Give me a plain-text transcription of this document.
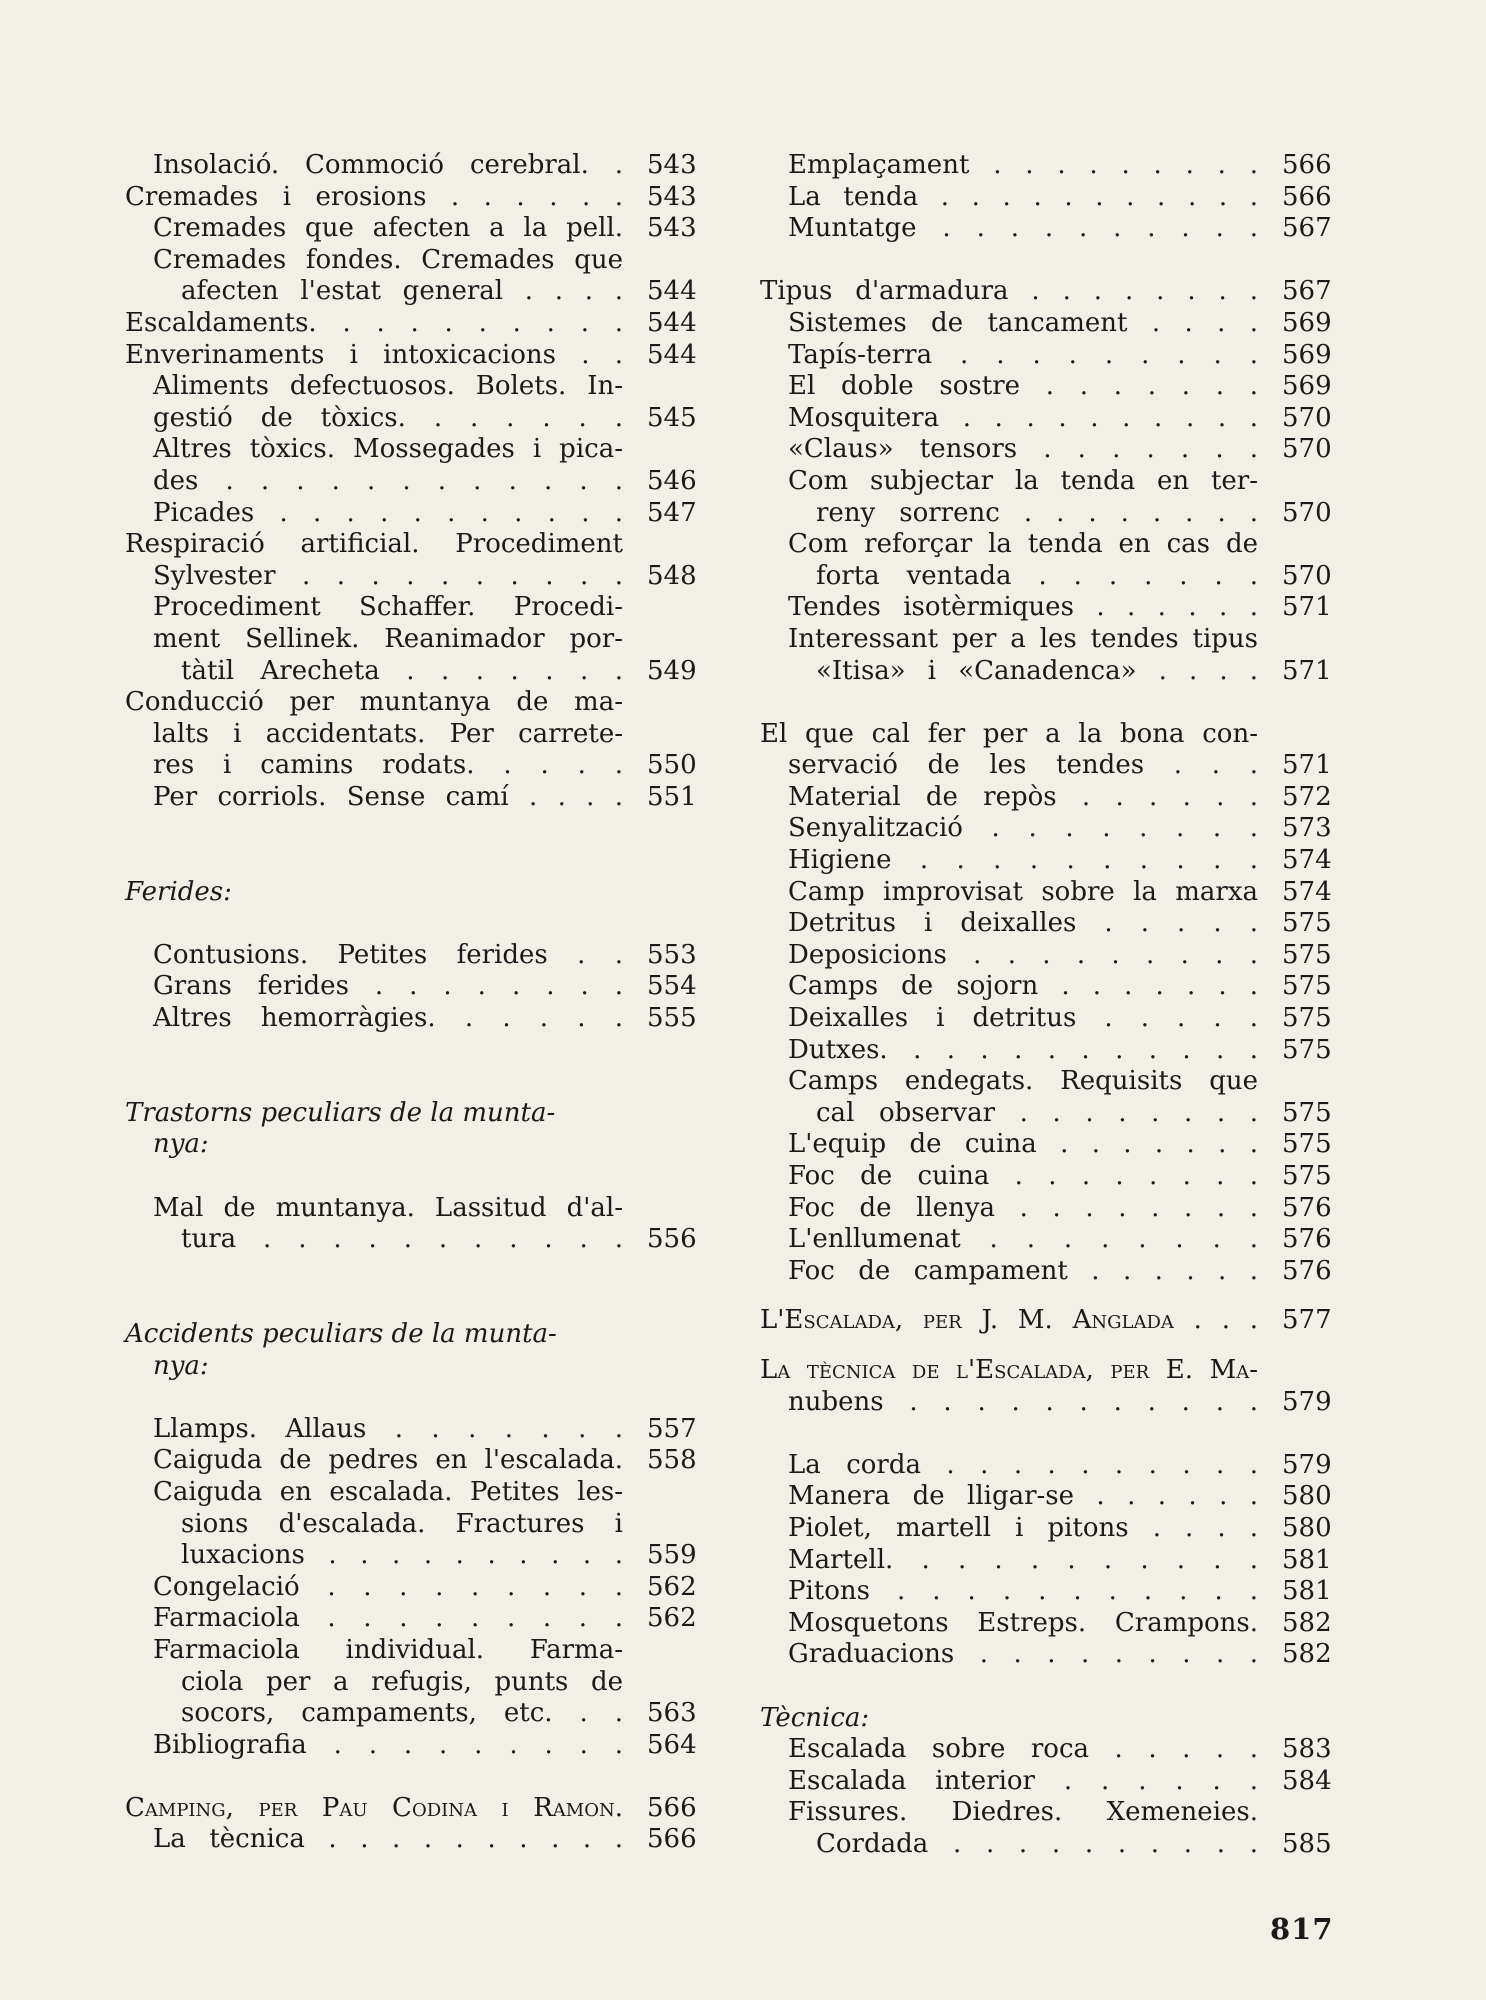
543
Insolació. Commoció cerebral. .
543
Cremades i erosions . . . . . .
543
Cremades que afecten a la pell.
Cremades fondes. Cremades que
544
afecten l'estat general . . . .
544
Escaldaments. . . . . . . . . .
544
Enverinaments i intoxicacions . .
Aliments defectuosos. Bolets. In-
545
gestió de tòxics. . . . . . .
Altres tòxics. Mossegades i pica-
546
des . . . . . . . . . . . .
547
Picades . . . . . . . . . . .
Respiració artificial. Procediment
548
Sylvester . . . . . . . . . .
Procediment Schaffer. Procedi-
ment Sellinek. Reanimador por-
549
tàtil Arecheta . . . . . . .
Conducció per muntanya de ma-
lalts i accidentats. Per carrete-
550
res i camins rodats. . . . .
551
Per corriols. Sense camí . . . .
Ferides:
553
Contusions. Petites ferides . .
554
Grans ferides . . . . . . . .
555
Altres hemorràgies. . . . . .
Trastorns peculiars de la munta-
nya:
Mal de muntanya. Lassitud d'al-
556
tura . . . . . . . . . . .
Accidents peculiars de la munta-
nya:
557
Llamps. Allaus . . . . . . .
558
Caiguda de pedres en l'escalada.
Caiguda en escalada. Petites les-
sions d'escalada. Fractures i
559
luxacions . . . . . . . . . .
562
Congelació . . . . . . . . .
562
Farmaciola . . . . . . . . .
Farmaciola individual. Farma-
ciola per a refugis, punts de
563
socors, campaments, etc. . .
564
Bibliografia . . . . . . . . .
566
Camping, per Pau Codina i Ramon.
566
La tècnica . . . . . . . . . .
566
Emplaçament . . . . . . . . .
566
La tenda . . . . . . . . . . .
567
Muntatge . . . . . . . . . .
567
Tipus d'armadura . . . . . . . .
569
Sistemes de tancament . . . .
569
Tapís-terra . . . . . . . . .
569
El doble sostre . . . . . . .
570
Mosquitera . . . . . . . . . .
570
«Claus» tensors . . . . . . .
Com subjectar la tenda en ter-
570
reny sorrenc . . . . . . . .
Com reforçar la tenda en cas de
570
forta ventada . . . . . . .
571
Tendes isotèrmiques . . . . . .
Interessant per a les tendes tipus
571
«Itisa» i «Canadenca» . . . .
El que cal fer per a la bona con-
571
servació de les tendes . . .
572
Material de repòs . . . . . .
573
Senyalització . . . . . . . .
574
Higiene . . . . . . . . . .
574
Camp improvisat sobre la marxa
575
Detritus i deixalles . . . . .
575
Deposicions . . . . . . . . .
575
Camps de sojorn . . . . . . .
575
Deixalles i detritus . . . . .
575
Dutxes. . . . . . . . . . . .
Camps endegats. Requisits que
575
cal observar . . . . . . . .
575
L'equip de cuina . . . . . . .
575
Foc de cuina . . . . . . . .
576
Foc de llenya . . . . . . . .
576
L'enllumenat . . . . . . . .
576
Foc de campament . . . . . .
577
L'Escalada, per J. M. Anglada . . .
La tècnica de l'Escalada, per E. Ma-
579
nubens . . . . . . . . . . .
579
La corda . . . . . . . . . .
580
Manera de lligar-se . . . . . .
580
Piolet, martell i pitons . . . .
581
Martell. . . . . . . . . . .
581
Pitons . . . . . . . . . . .
582
Mosquetons Estreps. Crampons.
582
Graduacions . . . . . . . . .
Tècnica:
583
Escalada sobre roca . . . . .
584
Escalada interior . . . . . .
Fissures. Diedres. Xemeneies.
585
Cordada . . . . . . . . . .
817
